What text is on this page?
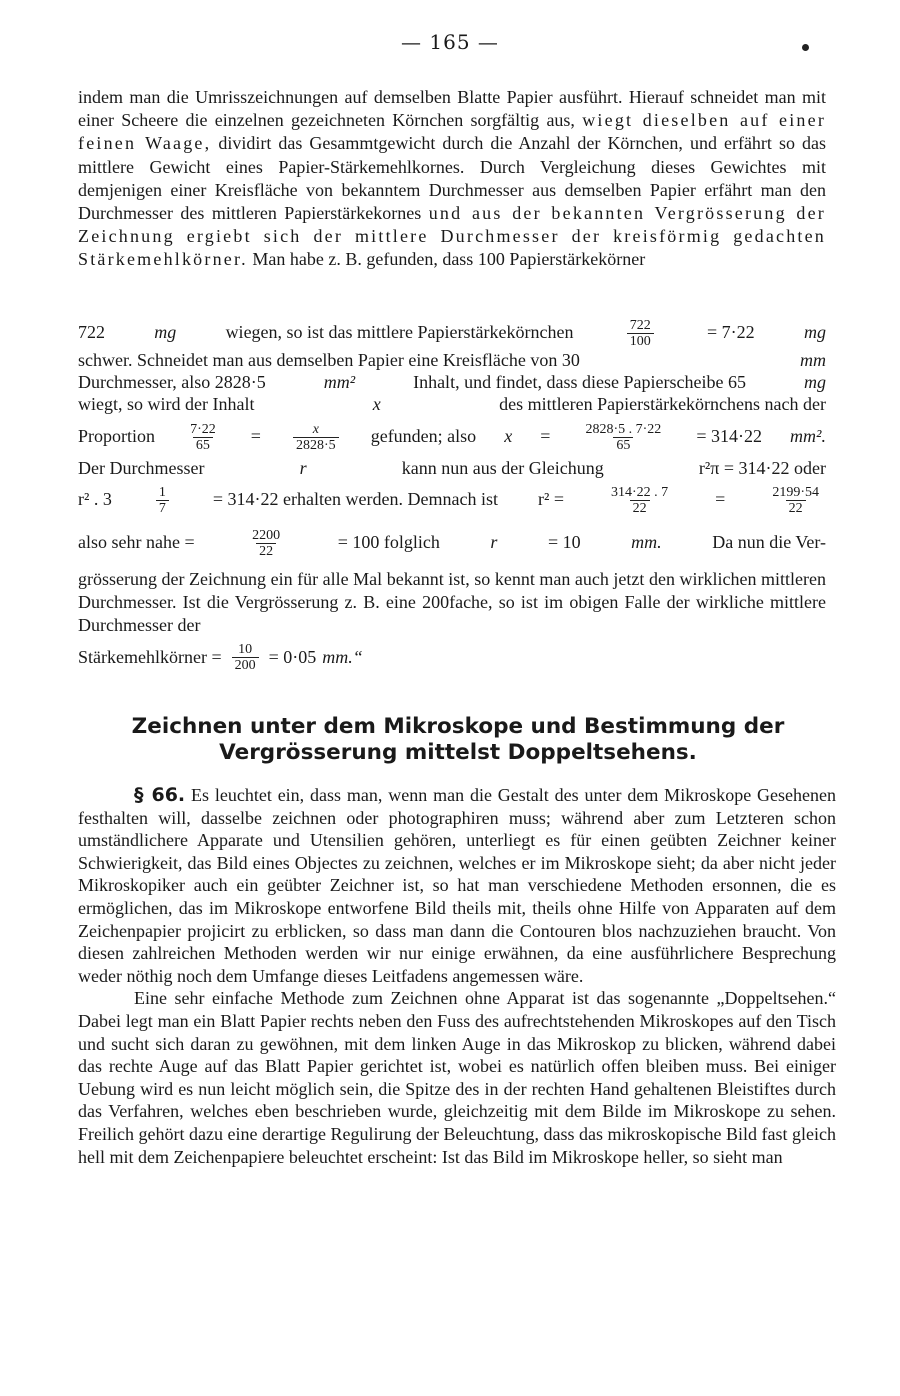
— 165 —

indem man die Umrisszeichnungen auf demselben Blatte Papier ausführt. Hierauf schneidet man mit einer Scheere die einzelnen gezeichneten Körnchen sorgfältig aus, wiegt dieselben auf einer feinen Waage, dividirt das Gesammtgewicht durch die Anzahl der Körnchen, und erfährt so das mittlere Gewicht eines Papier-Stärkemehlkornes. Durch Vergleichung dieses Gewichtes mit demjenigen einer Kreisfläche von bekanntem Durchmesser aus demselben Papier erfährt man den Durchmesser des mittleren Papierstärkekornes und aus der bekannten Vergrösserung der Zeichnung ergiebt sich der mittlere Durchmesser der kreisförmig gedachten Stärkemehlkörner. Man habe z. B. gefunden, dass 100 Papierstärkekörner

722	mg	wiegen, so ist das mittlere Papierstärkekörnchen	$\frac{722}{100}$	= 7·22	mg
schwer. Schneidet man aus demselben Papier eine Kreisfläche von 30	mm
Durchmesser, also 2828·5	mm²	Inhalt, und findet, dass diese Papierscheibe 65	mg
wiegt, so wird der Inhalt	x	des mittleren Papierstärkekörnchens nach der
Proportion $\frac{7\cdot 22}{65} = \frac{x}{2828\cdot 5}$ gefunden; also $x = \frac{2828\cdot 5 . 7\cdot 22}{65} = 314\cdot 22$ mm².
Der Durchmesser	r	kann nun aus der Gleichung	r²π = 314·22 oder
r² . 3	$\frac{1}{7} = 314\cdot 22$ erhalten werden. Demnach ist r² =	$\frac{314\cdot 22 . 7}{22}$ =	$\frac{2199\cdot 54}{22}$
also sehr nahe =	$\frac{2200}{22}$	= 100 folglich	r	= 10	mm.	Da nun die Ver-

grösserung der Zeichnung ein für alle Mal bekannt ist, so kennt man auch jetzt den wirklichen mittleren Durchmesser. Ist die Vergrösserung z. B. eine 200fache, so ist im obigen Falle der wirkliche mittlere Durchmesser der

Stärkemehlkörner = $\frac{10}{200} = 0\cdot 05$ mm.“
Zeichnen unter dem Mikroskope und Bestimmung der
Vergrösserung mittelst Doppeltsehens.

§ 66. Es leuchtet ein, dass man, wenn man die Gestalt des unter dem Mikroskope Gesehenen festhalten will, dasselbe zeichnen oder photographiren muss; während aber zum Letzteren schon umständlichere Apparate und Utensilien gehören, unterliegt es für einen geübten Zeichner keiner Schwierigkeit, das Bild eines Objectes zu zeichnen, welches er im Mikroskope sieht; da aber nicht jeder Mikroskopiker auch ein geübter Zeichner ist, so hat man verschiedene Methoden ersonnen, die es ermöglichen, das im Mikroskope entworfene Bild theils mit, theils ohne Hilfe von Apparaten auf dem Zeichenpapier projicirt zu erblicken, so dass man dann die Contouren blos nachzuziehen braucht. Von diesen zahlreichen Methoden werden wir nur einige erwähnen, da eine ausführlichere Besprechung weder nöthig noch dem Umfange dieses Leitfadens angemessen wäre.

Eine sehr einfache Methode zum Zeichnen ohne Apparat ist das sogenannte „Doppeltsehen.“ Dabei legt man ein Blatt Papier rechts neben den Fuss des aufrechtstehenden Mikroskopes auf den Tisch und sucht sich daran zu gewöhnen, mit dem linken Auge in das Mikroskop zu blicken, während dabei das rechte Auge auf das Blatt Papier gerichtet ist, wobei es natürlich offen bleiben muss. Bei einiger Uebung wird es nun leicht möglich sein, die Spitze des in der rechten Hand gehaltenen Bleistiftes durch das Verfahren, welches eben beschrieben wurde, gleichzeitig mit dem Bilde im Mikroskope zu sehen. Freilich gehört dazu eine derartige Regulirung der Beleuchtung, dass das mikroskopische Bild fast gleich hell mit dem Zeichenpapiere beleuchtet erscheint: Ist das Bild im Mikroskope heller, so sieht man
